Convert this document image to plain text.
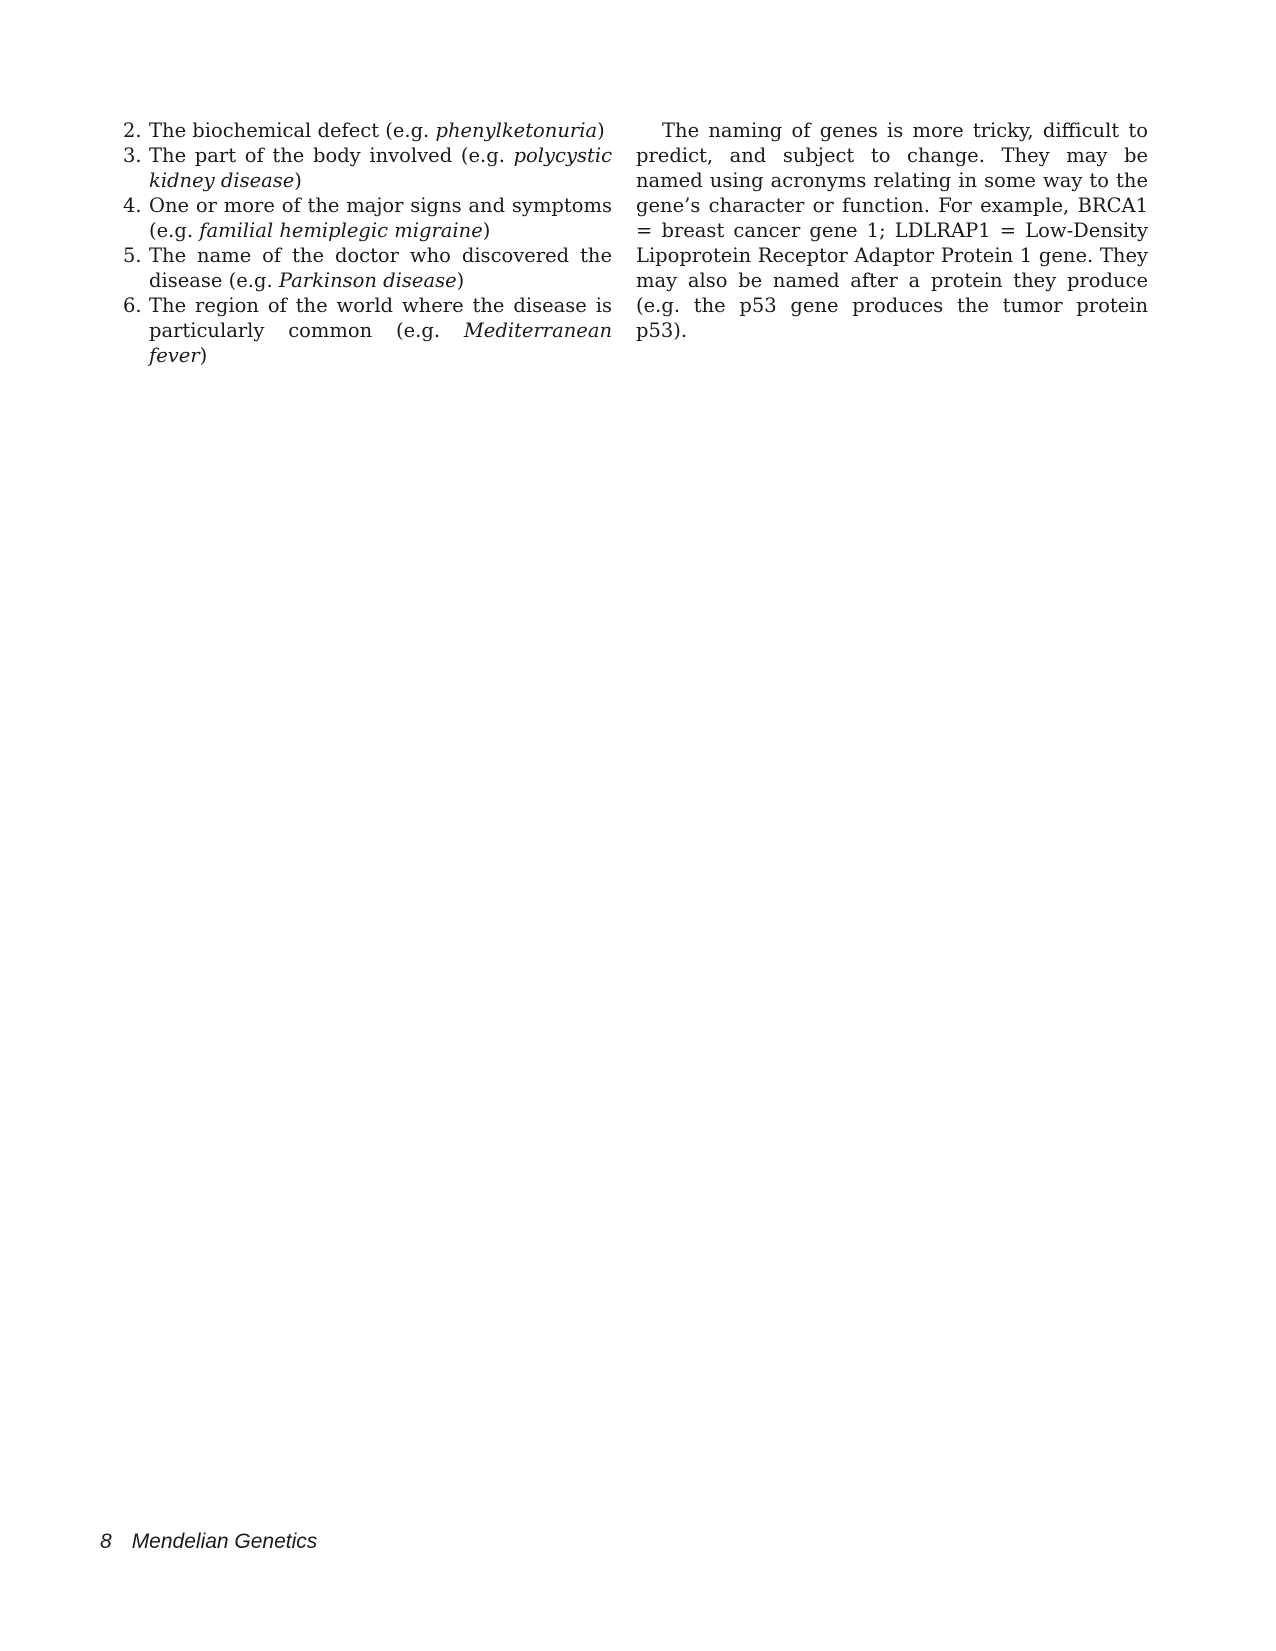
2. The biochemical defect (e.g. phenylketonuria)
3. The part of the body involved (e.g. polycystic kidney disease)
4. One or more of the major signs and symptoms (e.g. familial hemiplegic migraine)
5. The name of the doctor who discovered the disease (e.g. Parkinson disease)
6. The region of the world where the disease is particularly common (e.g. Mediterranean fever)

The naming of genes is more tricky, difficult to predict, and subject to change. They may be named using acronyms relating in some way to the gene’s character or function. For example, BRCA1 = breast cancer gene 1; LDLRAP1 = Low-Density Lipoprotein Receptor Adaptor Protein 1 gene. They may also be named after a protein they produce (e.g. the p53 gene produces the tumor protein p53).

8 Mendelian Genetics
